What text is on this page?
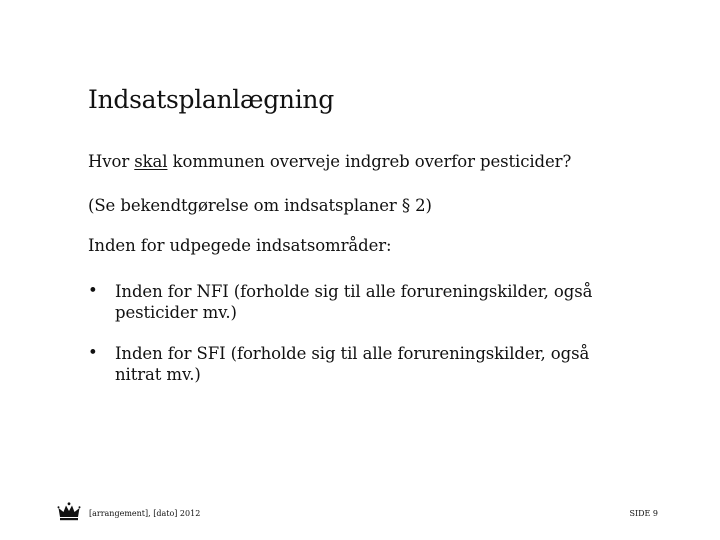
Indsatsplanlægning
Hvor skal kommunen overveje indgreb overfor pesticider?
(Se bekendtgørelse om indsatsplaner § 2)
Inden for udpegede indsatsområder:
• Inden for NFI (forholde sig til alle forureningskilder, også pesticider mv.)
• Inden for SFI (forholde sig til alle forureningskilder, også nitrat mv.)
[arrangement], [dato] 2012	SIDE 9
